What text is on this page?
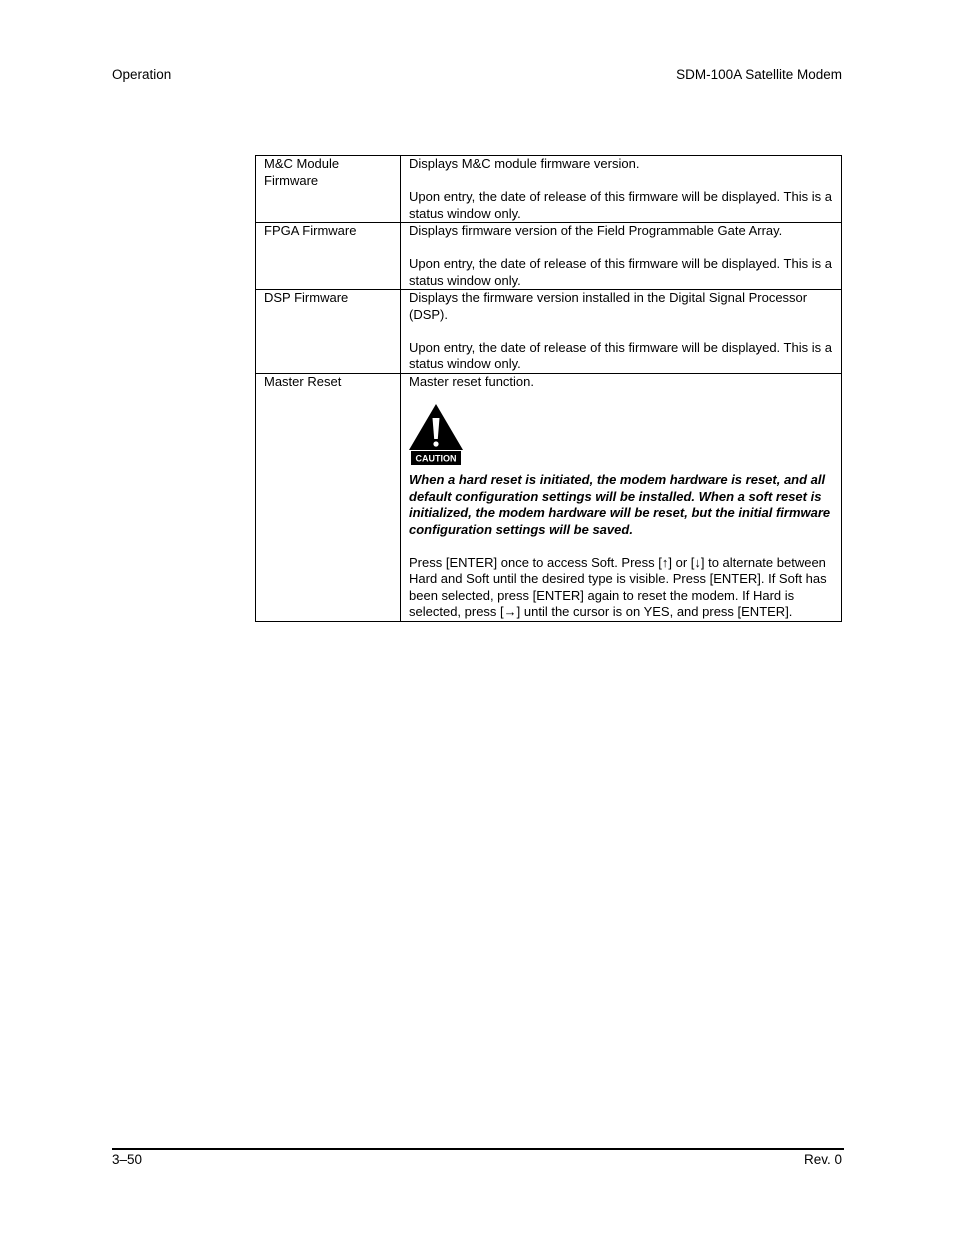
Operation	SDM-100A Satellite Modem
M&C Module Firmware	Displays M&C module firmware version.

Upon entry, the date of release of this firmware will be displayed. This is a status window only.

FPGA Firmware	Displays firmware version of the Field Programmable Gate Array.

Upon entry, the date of release of this firmware will be displayed. This is a status window only.

DSP Firmware	Displays the firmware version installed in the Digital Signal Processor (DSP).

Upon entry, the date of release of this firmware will be displayed. This is a status window only.

Master Reset	Master reset function.

CAUTION

When a hard reset is initiated, the modem hardware is reset, and all default configuration settings will be installed. When a soft reset is initialized, the modem hardware will be reset, but the initial firmware configuration settings will be saved.

Press [ENTER] once to access Soft. Press [↑] or [↓] to alternate between Hard and Soft until the desired type is visible. Press [ENTER]. If Soft has been selected, press [ENTER] again to reset the modem. If Hard is selected, press [→] until the cursor is on YES, and press [ENTER].

3–50	Rev. 0
